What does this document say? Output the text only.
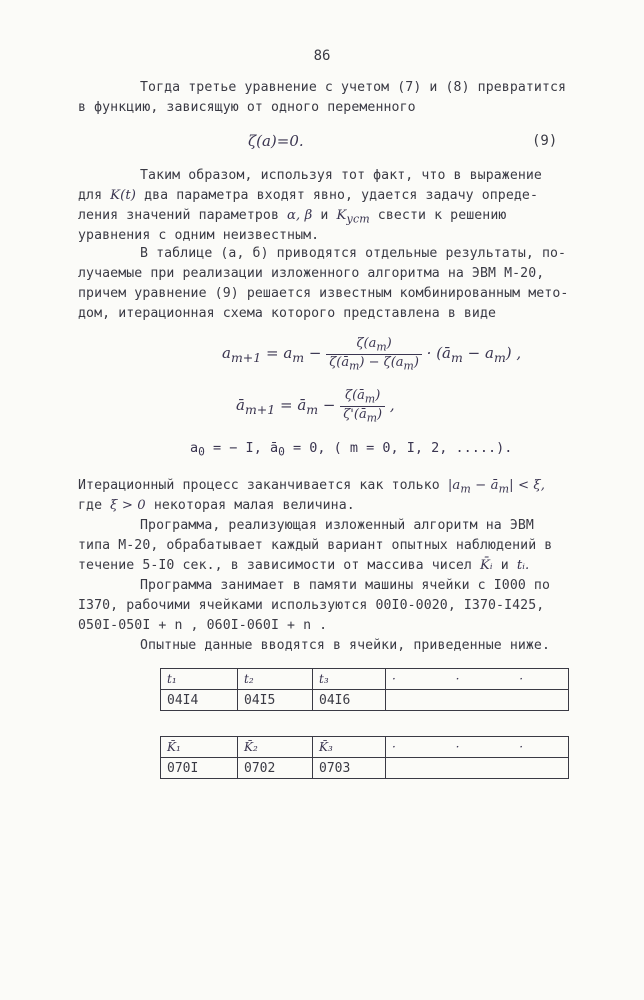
86
Тогда третье уравнение с учетом (7) и (8) превратится
в функцию, зависящую от одного переменного
ζ(a)=0.	(9)
Таким образом, используя тот факт, что в выражение
для K(t) два параметра входят явно, удается задачу опреде-
ления значений параметров α, β и $K_{уст}$ свести к решению
уравнения с одним неизвестным.
В таблице (а, б) приводятся отдельные результаты, по-
лучаемые при реализации изложенного алгоритма на ЭВМ М-20,
причем уравнение (9) решается известным комбинированным мето-
дом, итерационная схема которого представлена в виде
$a_{m+1} = a_m - \frac{\zeta(a_m)}{\zeta(ā_m) - \zeta(a_m)}$ · $(ā_m - a_m)$ ,
$ā_{m+1}$ = $ā_m - \frac{\zeta(ā_m)}{\zeta'(ā_m)}$ ,
$a_0$ = − I, $ā_0 = 0$, ( m = 0, I, 2, .....).
Итерационный процесс заканчивается как только $|a_m$ − $ā_m| < \xi$,
где ξ > 0 некоторая малая величина.
Программа, реализующая изложенный алгоритм на ЭВМ
типа М-20, обрабатывает каждый вариант опытных наблюдений в
течение 5-I0 сек., в зависимости от массива чисел K̄ᵢ и tᵢ.
Программа занимает в памяти машины ячейки с I000 по
I370, рабочими ячейками используются 00I0-0020, I370-I425,
050I-050I + n , 060I-060I + n .
Опытные данные вводятся в ячейки, приведенные ниже.
t₁	t₂	t₃	· · ·
04I4	04I5	04I6	
K̄₁	K̄₂	K̄₃	· · ·
070I	0702	0703	
